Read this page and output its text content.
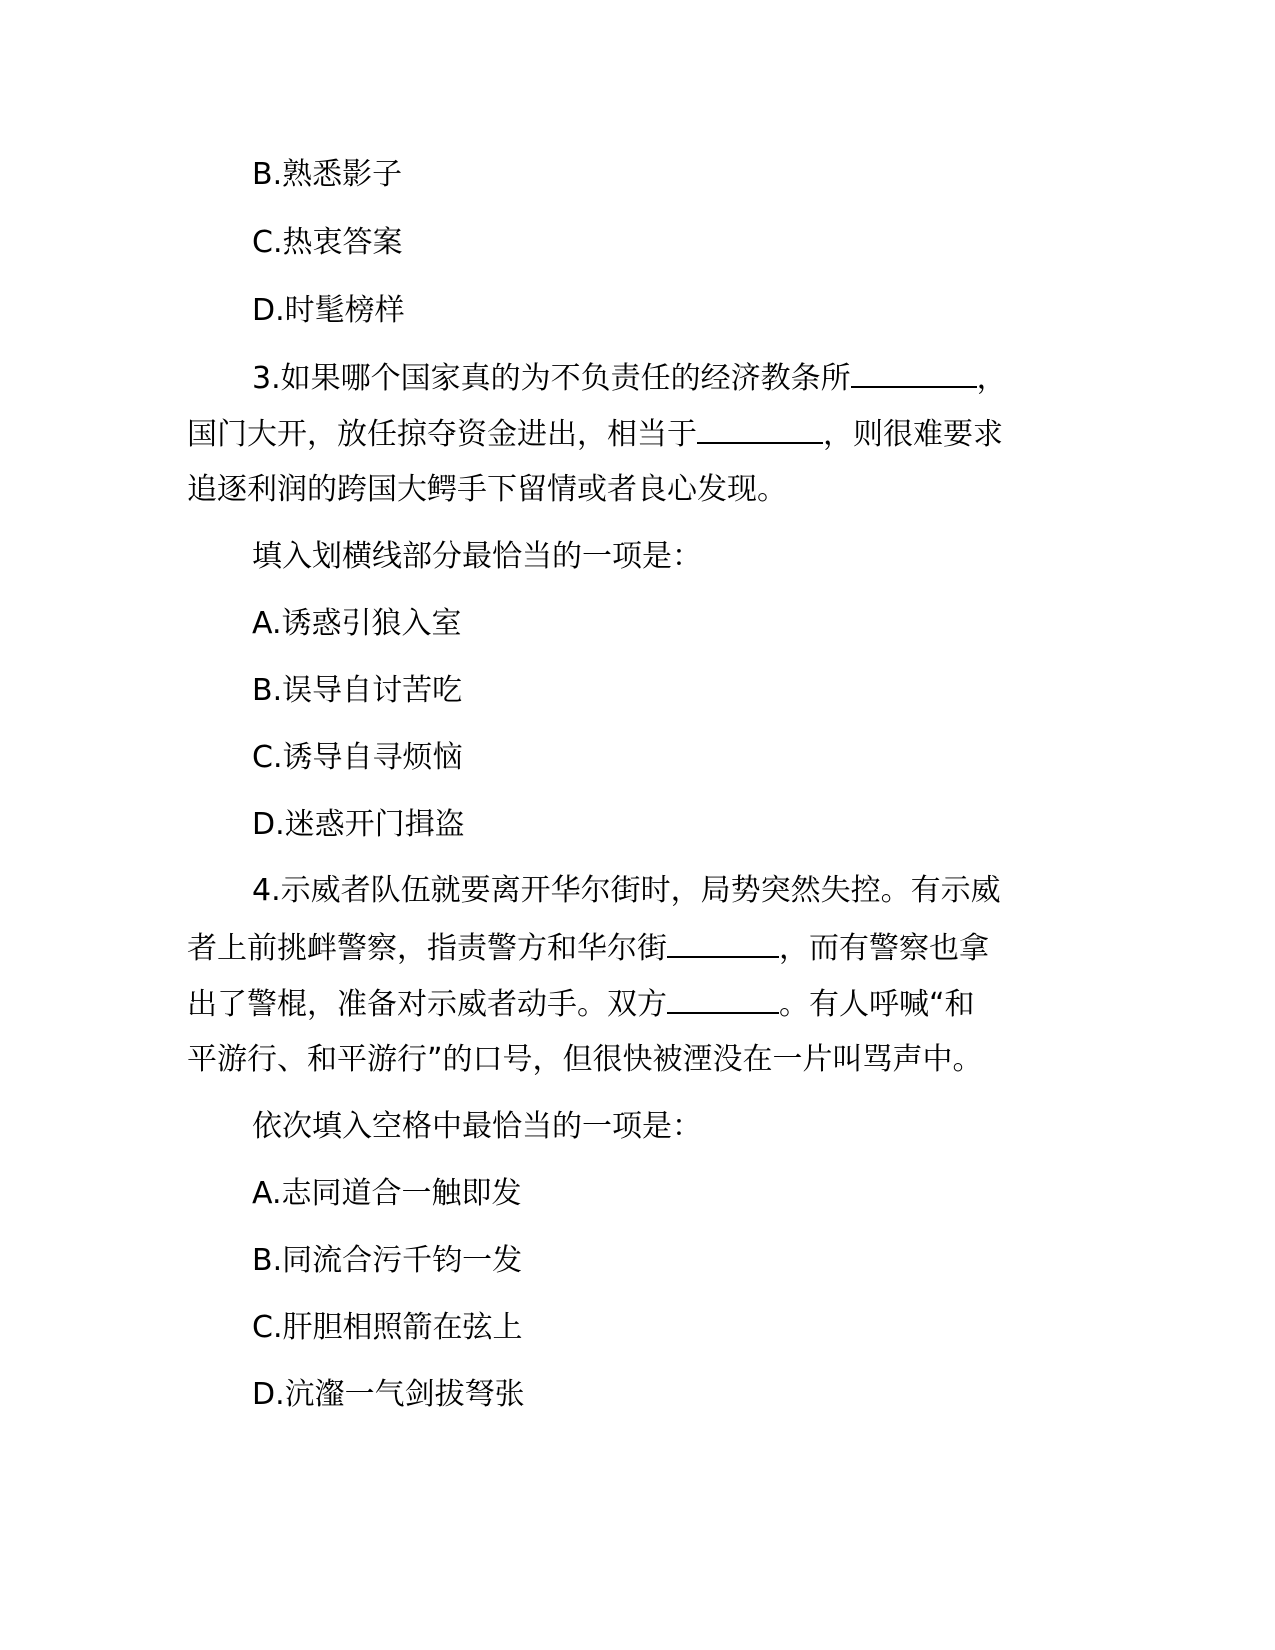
B.熟悉影子
C.热衷答案
D.时髦榜样
3.如果哪个国家真的为不负责任的经济教条所	，
国门大开，放任掠夺资金进出，相当于	，则很难要求
追逐利润的跨国大鳄手下留情或者良心发现。
填入划横线部分最恰当的一项是：
A.诱惑引狼入室
B.误导自讨苦吃
C.诱导自寻烦恼
D.迷惑开门揖盗
4.示威者队伍就要离开华尔街时，局势突然失控。有示威
者上前挑衅警察，指责警方和华尔街	，而有警察也拿
出了警棍，准备对示威者动手。双方	。有人呼喊“和
平游行、和平游行”的口号，但很快被湮没在一片叫骂声中。
依次填入空格中最恰当的一项是：
A.志同道合一触即发
B.同流合污千钧一发
C.肝胆相照箭在弦上
D.沆瀣一气剑拔弩张
